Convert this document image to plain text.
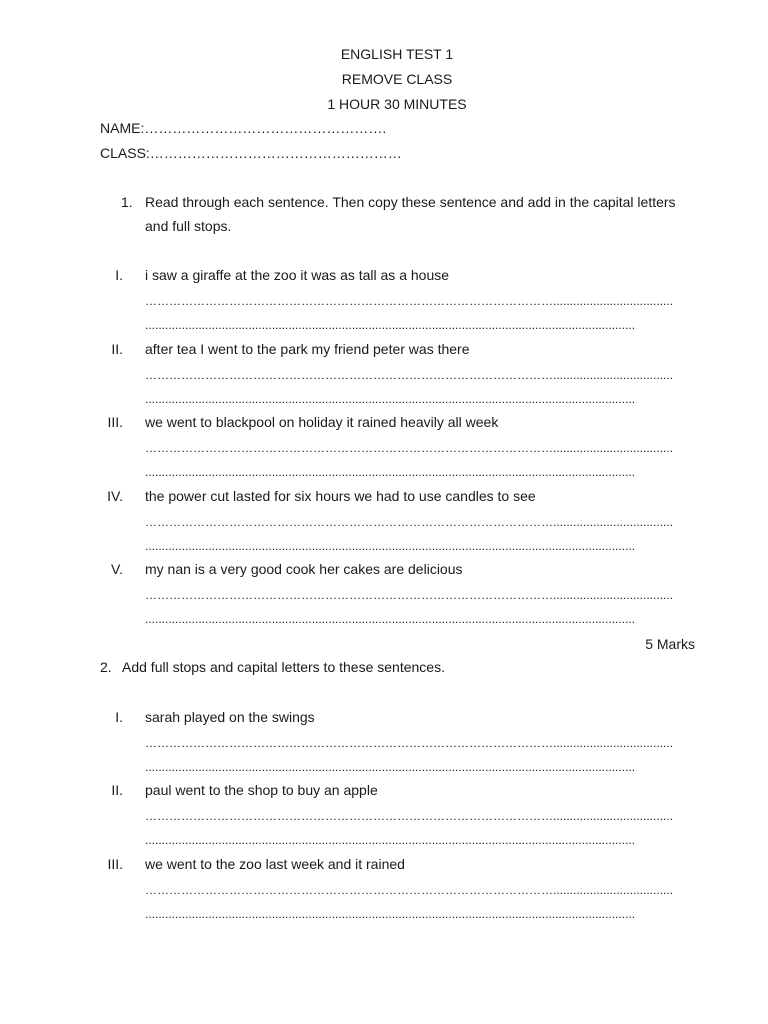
ENGLISH TEST 1
REMOVE CLASS
1 HOUR 30 MINUTES
NAME:…………………………………………….
CLASS:………………………………………………
1. Read through each sentence. Then copy these sentence and add in the capital letters
and full stops.
I. i saw a giraffe at the zoo it was as tall as a house
…………………………………………………………………………………………....................................
...................................................................................................................................................
II. after tea I went to the park my friend peter was there
…………………………………………………………………………………………....................................
...................................................................................................................................................
III. we went to blackpool on holiday it rained heavily all week
…………………………………………………………………………………………....................................
...................................................................................................................................................
IV. the power cut lasted for six hours we had to use candles to see
…………………………………………………………………………………………....................................
...................................................................................................................................................
V. my nan is a very good cook her cakes are delicious
…………………………………………………………………………………………....................................
...................................................................................................................................................
5 Marks
2. Add full stops and capital letters to these sentences.
I. sarah played on the swings
…………………………………………………………………………………………....................................
...................................................................................................................................................
II. paul went to the shop to buy an apple
…………………………………………………………………………………………....................................
...................................................................................................................................................
III. we went to the zoo last week and it rained
…………………………………………………………………………………………....................................
...................................................................................................................................................
